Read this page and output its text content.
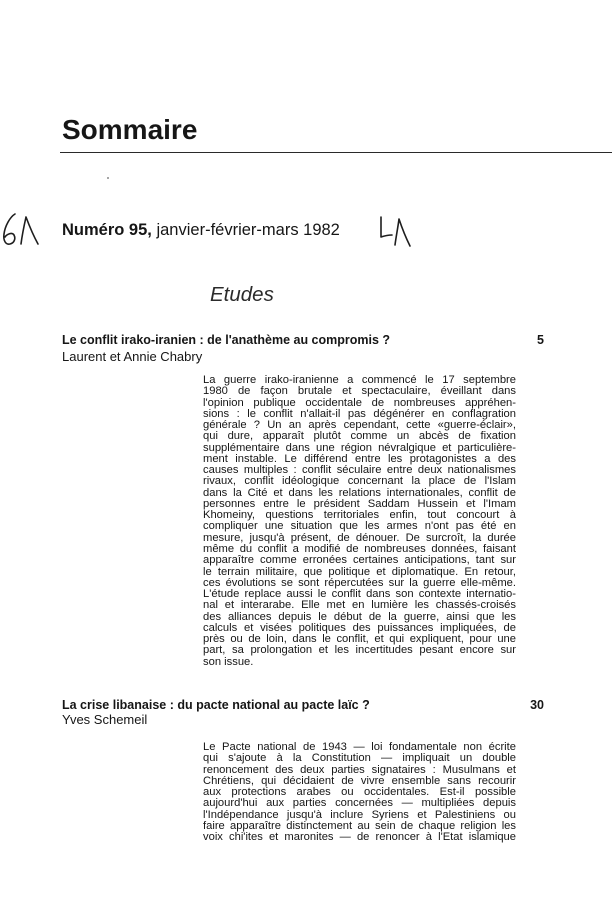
Sommaire
Numéro 95, janvier-février-mars 1982
Etudes
Le conflit irako-iranien : de l'anathème au compromis ?	5
Laurent et Annie Chabry
La guerre irako-iranienne a commencé le 17 septembre
1980 de façon brutale et spectaculaire, éveillant dans
l'opinion publique occidentale de nombreuses appréhen-
sions : le conflit n'allait-il pas dégénérer en conflagration
générale ? Un an après cependant, cette «guerre-éclair»,
qui dure, apparaît plutôt comme un abcès de fixation
supplémentaire dans une région névralgique et particulière-
ment instable. Le différend entre les protagonistes a des
causes multiples : conflit séculaire entre deux nationalismes
rivaux, conflit idéologique concernant la place de l'Islam
dans la Cité et dans les relations internationales, conflit de
personnes entre le président Saddam Hussein et l'Imam
Khomeiny, questions territoriales enfin, tout concourt à
compliquer une situation que les armes n'ont pas été en
mesure, jusqu'à présent, de dénouer. De surcroît, la durée
même du conflit a modifié de nombreuses données, faisant
apparaître comme erronées certaines anticipations, tant sur
le terrain militaire, que politique et diplomatique. En retour,
ces évolutions se sont répercutées sur la guerre elle-même.
L'étude replace aussi le conflit dans son contexte internatio-
nal et interarabe. Elle met en lumière les chassés-croisés
des alliances depuis le début de la guerre, ainsi que les
calculs et visées politiques des puissances impliquées, de
près ou de loin, dans le conflit, et qui expliquent, pour une
part, sa prolongation et les incertitudes pesant encore sur
son issue.
La crise libanaise : du pacte national au pacte laïc ?	30
Yves Schemeil
Le Pacte national de 1943 — loi fondamentale non écrite
qui s'ajoute à la Constitution — impliquait un double
renoncement des deux parties signataires : Musulmans et
Chrétiens, qui décidaient de vivre ensemble sans recourir
aux protections arabes ou occidentales. Est-il possible
aujourd'hui aux parties concernées — multipliées depuis
l'Indépendance jusqu'à inclure Syriens et Palestiniens ou
faire apparaître distinctement au sein de chaque religion les
voix chi'ites et maronites — de renoncer à l'Etat islamique
